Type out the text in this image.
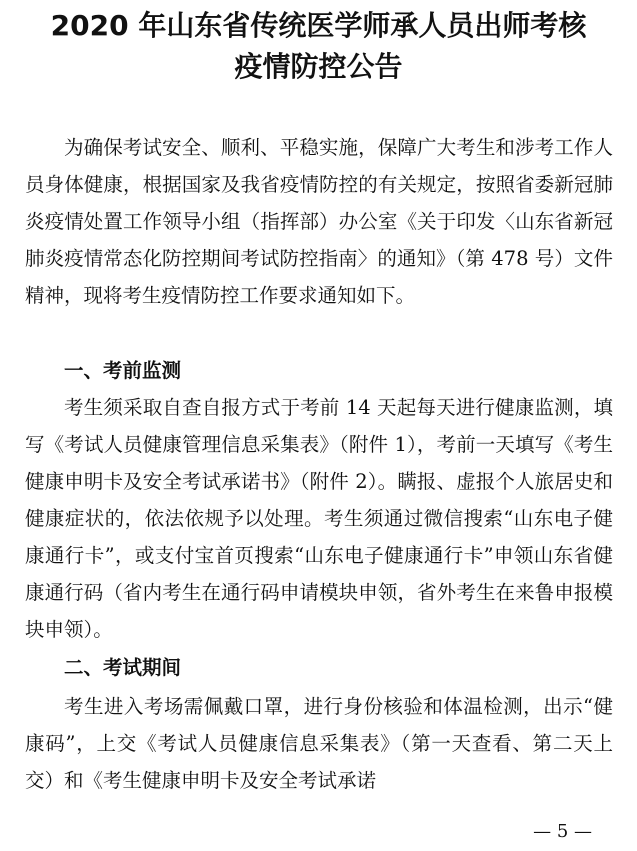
2020 年山东省传统医学师承人员出师考核
疫情防控公告

为确保考试安全、顺利、平稳实施，保障广大考生和涉考工作人员身体健康，根据国家及我省疫情防控的有关规定，按照省委新冠肺炎疫情处置工作领导小组（指挥部）办公室《关于印发〈山东省新冠肺炎疫情常态化防控期间考试防控指南〉的通知》（第 478 号）文件精神，现将考生疫情防控工作要求通知如下。

一、考前监测

考生须采取自查自报方式于考前 14 天起每天进行健康监测，填写《考试人员健康管理信息采集表》（附件 1），考前一天填写《考生健康申明卡及安全考试承诺书》（附件 2）。瞒报、虚报个人旅居史和健康症状的，依法依规予以处理。考生须通过微信搜索“山东电子健康通行卡”，或支付宝首页搜索“山东电子健康通行卡”申领山东省健康通行码（省内考生在通行码申请模块申领，省外考生在来鲁申报模块申领）。

二、考试期间

考生进入考场需佩戴口罩，进行身份核验和体温检测，出示“健康码”，上交《考试人员健康信息采集表》（第一天查看、第二天上交）和《考生健康申明卡及安全考试承诺

— 5 —
